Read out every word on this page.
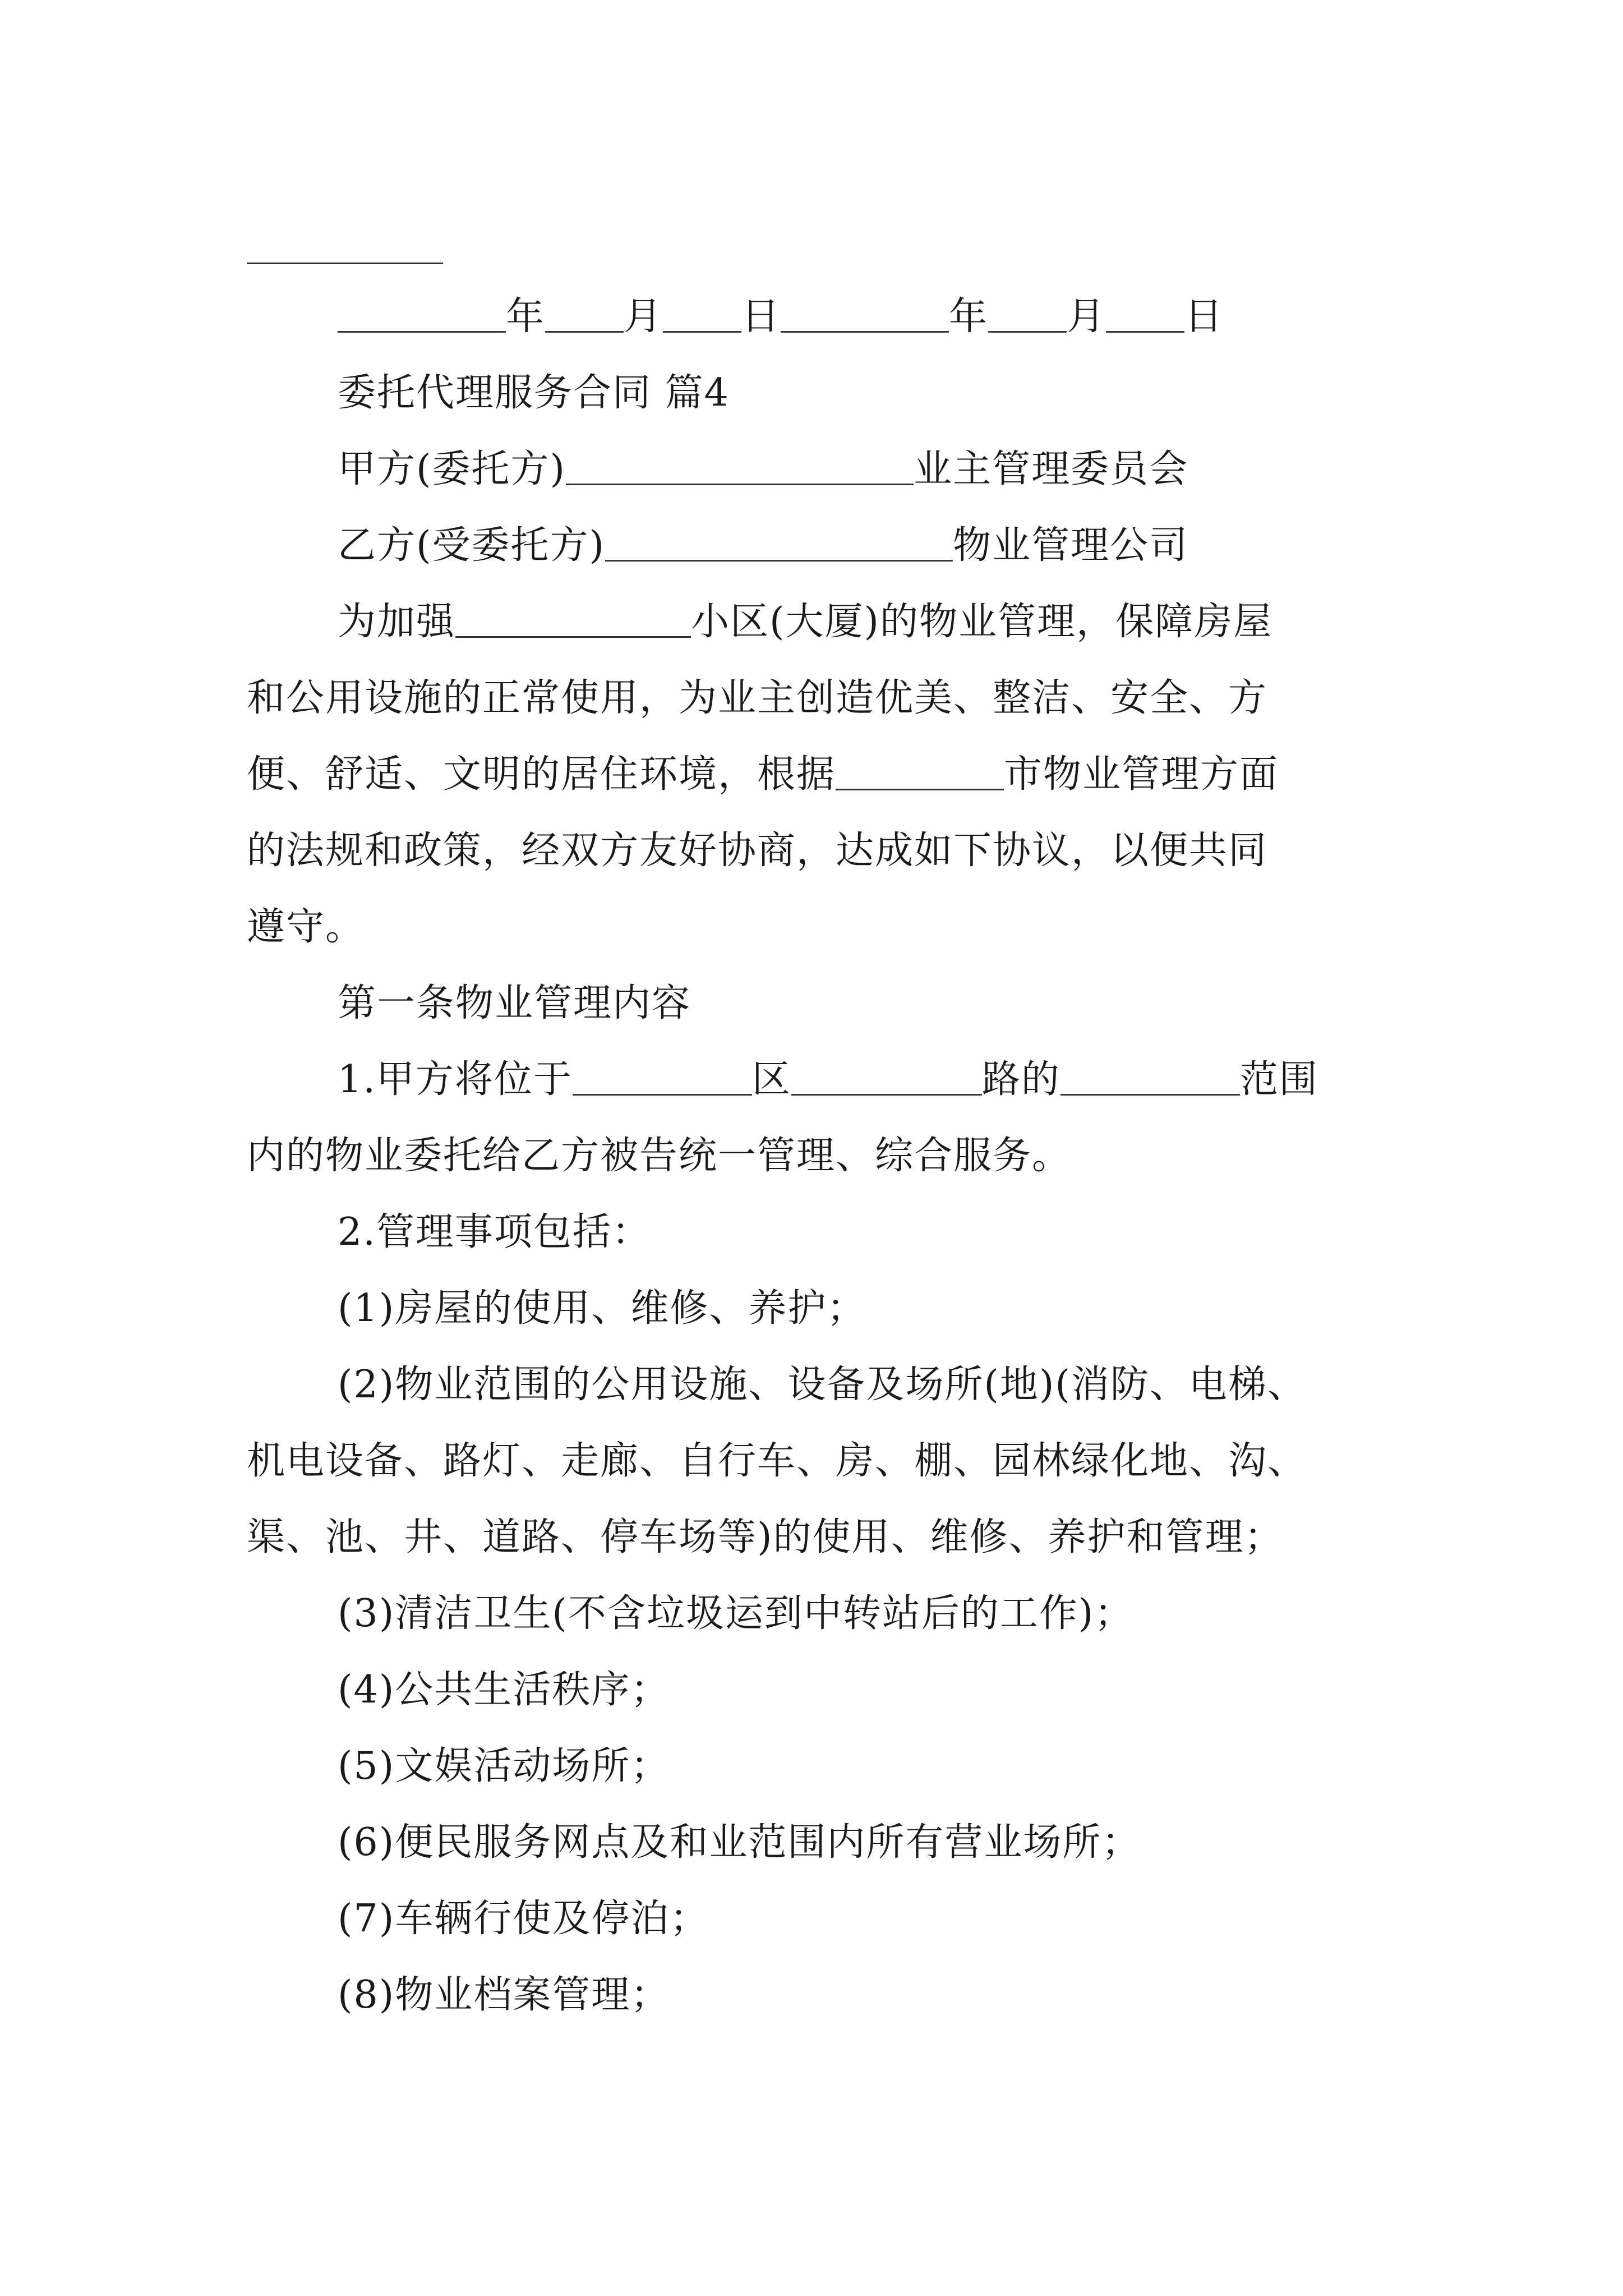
年 月 日	年 月 日
委托代理服务合同 篇4
甲方(委托方)	业主管理委员会
乙方(受委托方)	物业管理公司
为加强	小区(大厦)的物业管理，保障房屋
和公用设施的正常使用，为业主创造优美、整洁、安全、方
便、舒适、文明的居住环境，根据	市物业管理方面
的法规和政策，经双方友好协商，达成如下协议，以便共同
遵守。
第一条物业管理内容
1.甲方将位于	区	路的	范围
内的物业委托给乙方被告统一管理、综合服务。
2.管理事项包括：
(1)房屋的使用、维修、养护；
(2)物业范围的公用设施、设备及场所(地)(消防、电梯、
机电设备、路灯、走廊、自行车、房、棚、园林绿化地、沟、
渠、池、井、道路、停车场等)的使用、维修、养护和管理；
(3)清洁卫生(不含垃圾运到中转站后的工作)；
(4)公共生活秩序；
(5)文娱活动场所；
(6)便民服务网点及和业范围内所有营业场所；
(7)车辆行使及停泊；
(8)物业档案管理；
